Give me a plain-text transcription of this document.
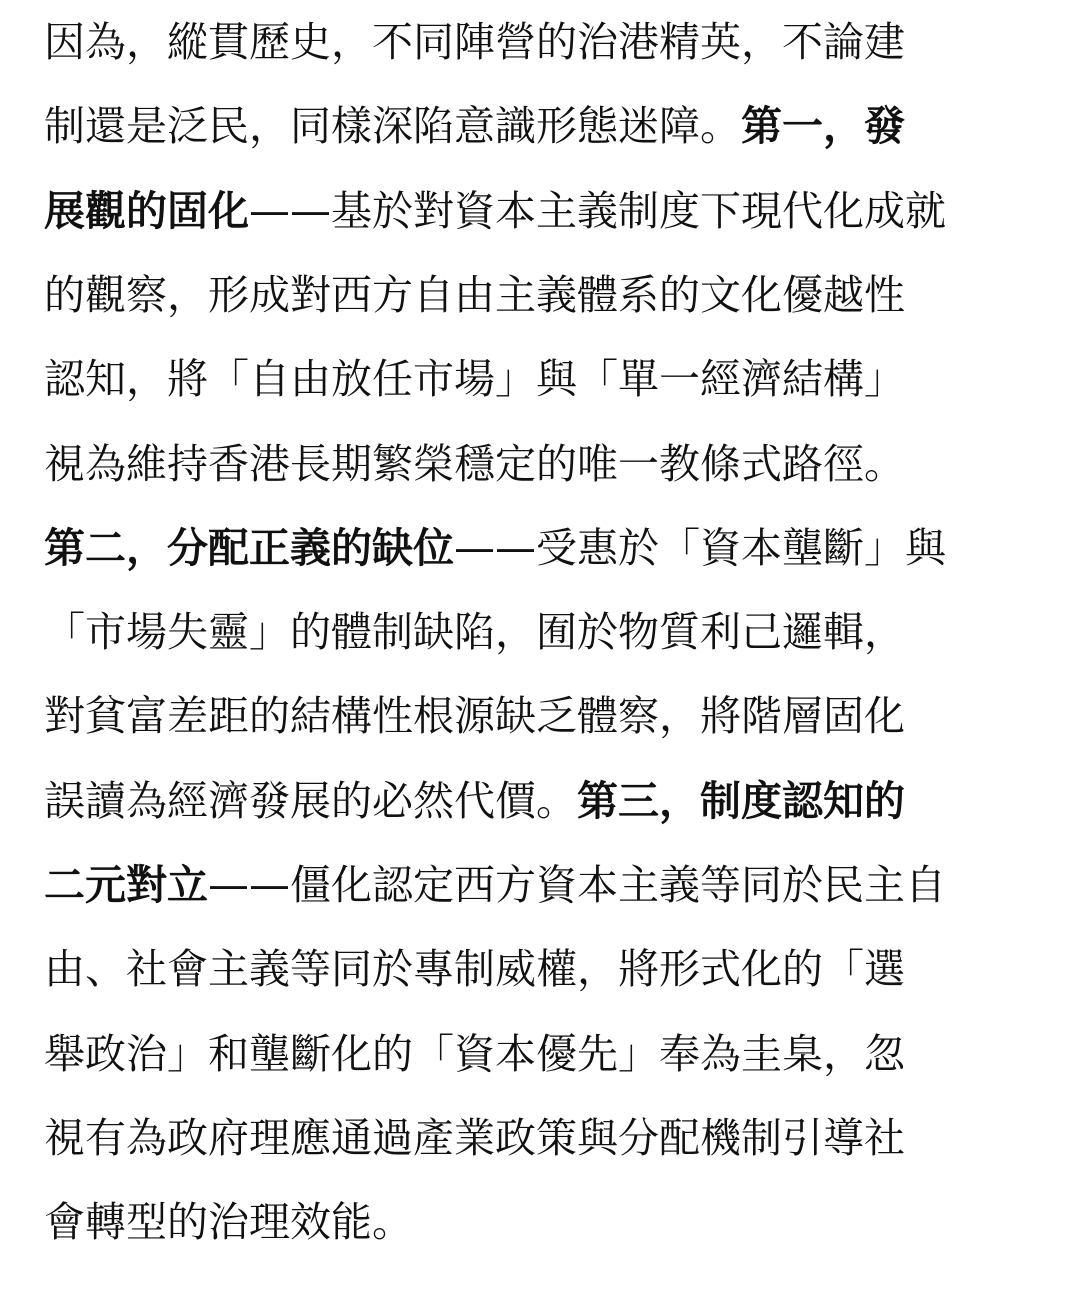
因為，縱貫歷史，不同陣營的治港精英，不論建
制還是泛民，同樣深陷意識形態迷障。第一，發
展觀的固化——基於對資本主義制度下現代化成就
的觀察，形成對西方自由主義體系的文化優越性
認知，將「自由放任市場」與「單一經濟結構」
視為維持香港長期繁榮穩定的唯一教條式路徑。
第二，分配正義的缺位——受惠於「資本壟斷」與
「市場失靈」的體制缺陷，囿於物質利己邏輯，
對貧富差距的結構性根源缺乏體察，將階層固化
誤讀為經濟發展的必然代價。第三，制度認知的
二元對立——僵化認定西方資本主義等同於民主自
由、社會主義等同於專制威權，將形式化的「選
舉政治」和壟斷化的「資本優先」奉為圭臬，忽
視有為政府理應通過產業政策與分配機制引導社
會轉型的治理效能。
